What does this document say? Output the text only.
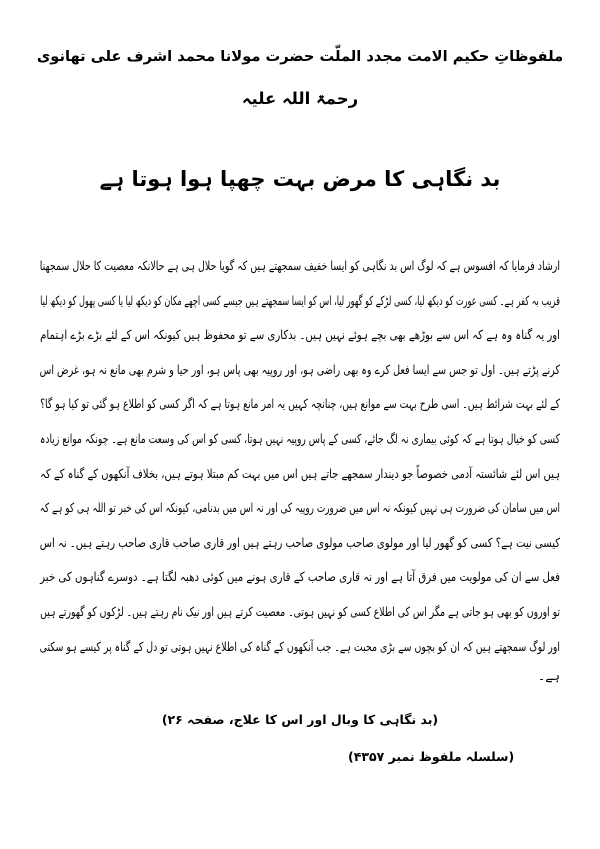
ملفوظاتِ حکیم الامت مجدد الملّت حضرت مولانا محمد اشرف علی تھانوی
رحمۃ اللہ علیہ
بد نگاہی کا مرض بہت چھپا ہوا ہوتا ہے
ارشاد فرمایا کہ افسوس ہے کہ لوگ اس بد نگاہی کو ایسا خفیف سمجھتے ہیں کہ گویا حلال ہی ہے حالانکہ معصیت کا حلال سمجھنا قریب بہ کفر ہے۔ کسی عورت کو دیکھ لیا، کسی لڑکے کو گھور لیا، اس کو ایسا سمجھتے ہیں جیسے کسی اچھے مکان کو دیکھ لیا یا کسی پھول کو دیکھ لیا اور یہ گناہ وہ ہے کہ اس سے بوڑھے بھی بچے ہوئے نہیں ہیں۔ بدکاری سے تو محفوظ ہیں کیونکہ اس کے لئے بڑے بڑے اہتمام کرنے پڑتے ہیں۔ اول تو جس سے ایسا فعل کرے وہ بھی راضی ہو، اور روپیہ بھی پاس ہو، اور حیا و شرم بھی مانع نہ ہو، غرض اس کے لئے بہت شرائط ہیں۔ اسی طرح بہت سے موانع ہیں، چنانچہ کہیں یہ امر مانع ہوتا ہے کہ اگر کسی کو اطلاع ہو گئی تو کیا ہو گا؟ کسی کو خیال ہوتا ہے کہ کوئی بیماری نہ لگ جائے، کسی کے پاس روپیہ نہیں ہوتا، کسی کو اس کی وسعت مانع ہے۔ چونکہ موانع زیادہ ہیں اس لئے شائستہ آدمی خصوصاً جو دیندار سمجھے جاتے ہیں اس میں بہت کم مبتلا ہوتے ہیں، بخلاف آنکھوں کے گناہ کے کہ اس میں سامان کی ضرورت ہی نہیں کیونکہ نہ اس میں ضرورت روپیہ کی اور نہ اس میں بدنامی، کیونکہ اس کی خبر تو اللہ ہی کو ہے کہ کیسی نیت ہے؟ کسی کو گھور لیا اور مولوی صاحب مولوی صاحب رہتے ہیں اور قاری صاحب قاری صاحب رہتے ہیں۔ نہ اس فعل سے ان کی مولویت میں فرق آتا ہے اور نہ قاری صاحب کے قاری ہونے میں کوئی دھبہ لگتا ہے۔ دوسرے گناہوں کی خبر تو اوروں کو بھی ہو جاتی ہے مگر اس کی اطلاع کسی کو نہیں ہوتی۔ معصیت کرتے ہیں اور نیک نام رہتے ہیں۔ لڑکوں کو گھورتے ہیں اور لوگ سمجھتے ہیں کہ ان کو بچوں سے بڑی محبت ہے۔ جب آنکھوں کے گناہ کی اطلاع نہیں ہوتی تو دل کے گناہ پر کیسے ہو سکتی
ہے۔
(بد نگاہی کا وبال اور اس کا علاج، صفحہ ۲۶)
(سلسلہ ملفوظ نمبر ۴۳۵۷)
